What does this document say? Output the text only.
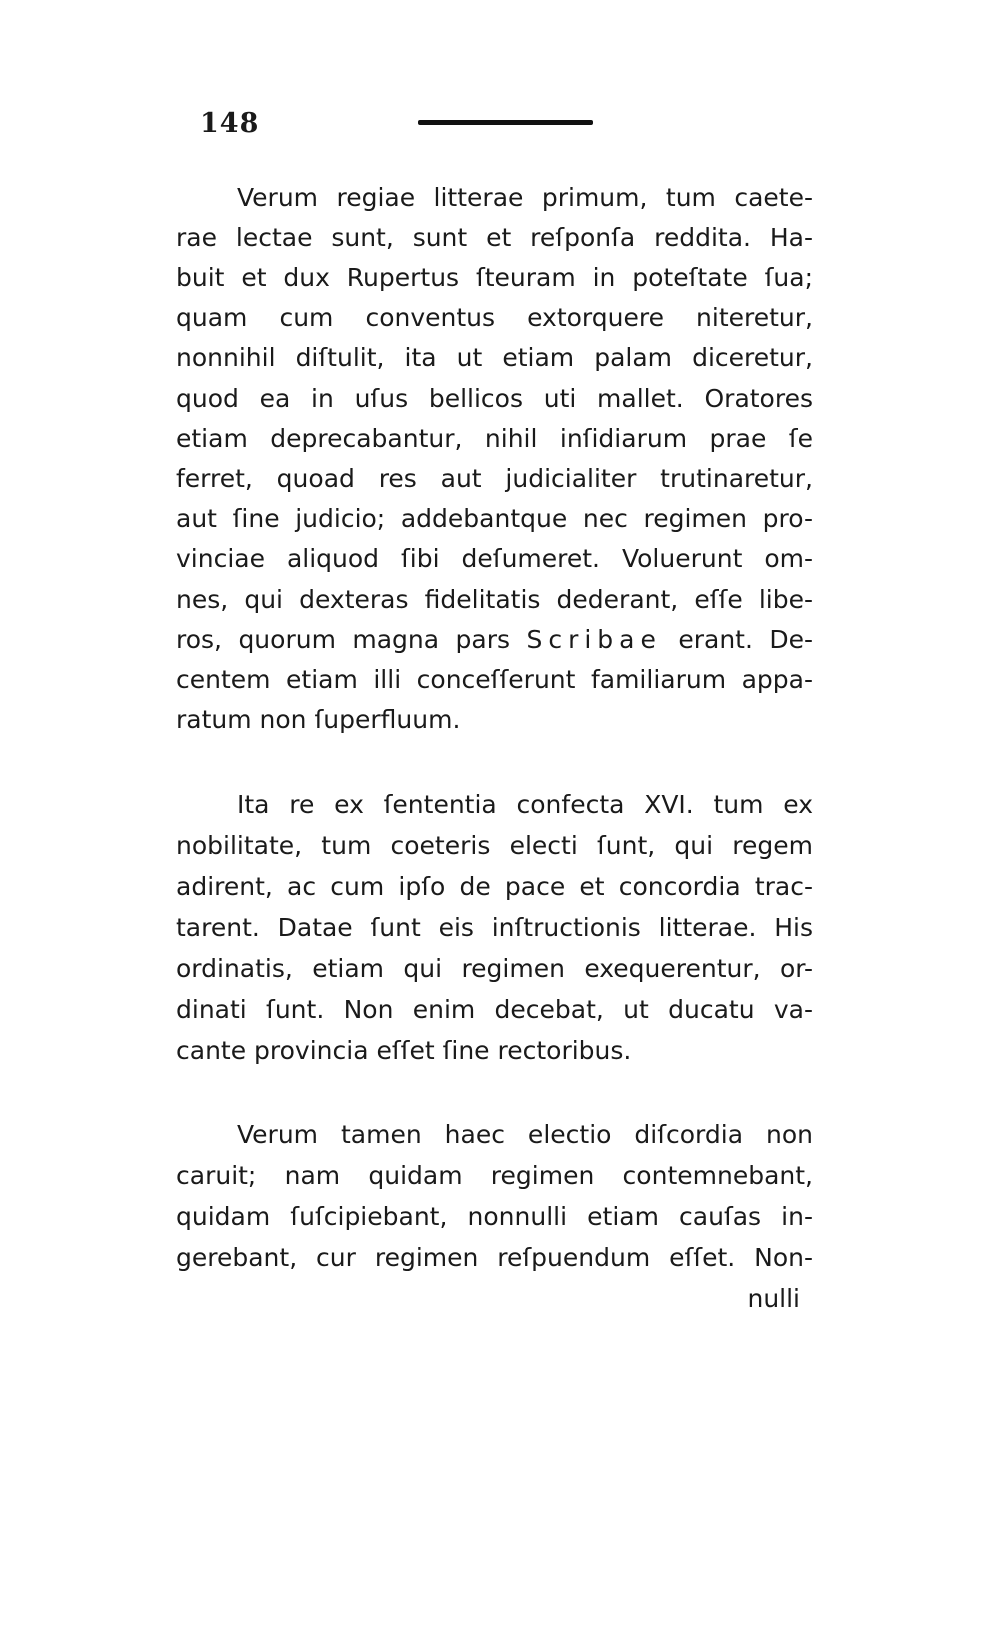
148
Verum regiae litterae primum, tum caete-
rae lectae sunt, sunt et reſponſa reddita. Ha-
buit et dux Rupertus ſteuram in poteſtate ſua;
quam cum conventus extorquere niteretur,
nonnihil diſtulit, ita ut etiam palam diceretur,
quod ea in uſus bellicos uti mallet. Oratores
etiam deprecabantur, nihil inſidiarum prae ſe
ferret, quoad res aut judicialiter trutinaretur,
aut ſine judicio; addebantque nec regimen pro-
vinciae aliquod ſibi deſumeret. Voluerunt om-
nes, qui dexteras fidelitatis dederant, eſſe libe-
ros, quorum magna pars Scribae erant. De-
centem etiam illi conceſſerunt familiarum appa-
ratum non ſuperfluum.
Ita re ex ſententia confecta XVI. tum ex
nobilitate, tum coeteris electi ſunt, qui regem
adirent, ac cum ipſo de pace et concordia trac-
tarent. Datae ſunt eis inſtructionis litterae. His
ordinatis, etiam qui regimen exequerentur, or-
dinati ſunt. Non enim decebat, ut ducatu va-
cante provincia eſſet ſine rectoribus.
Verum tamen haec electio diſcordia non
caruit; nam quidam regimen contemnebant,
quidam ſuſcipiebant, nonnulli etiam cauſas in-
gerebant, cur regimen reſpuendum eſſet. Non-
nulli
